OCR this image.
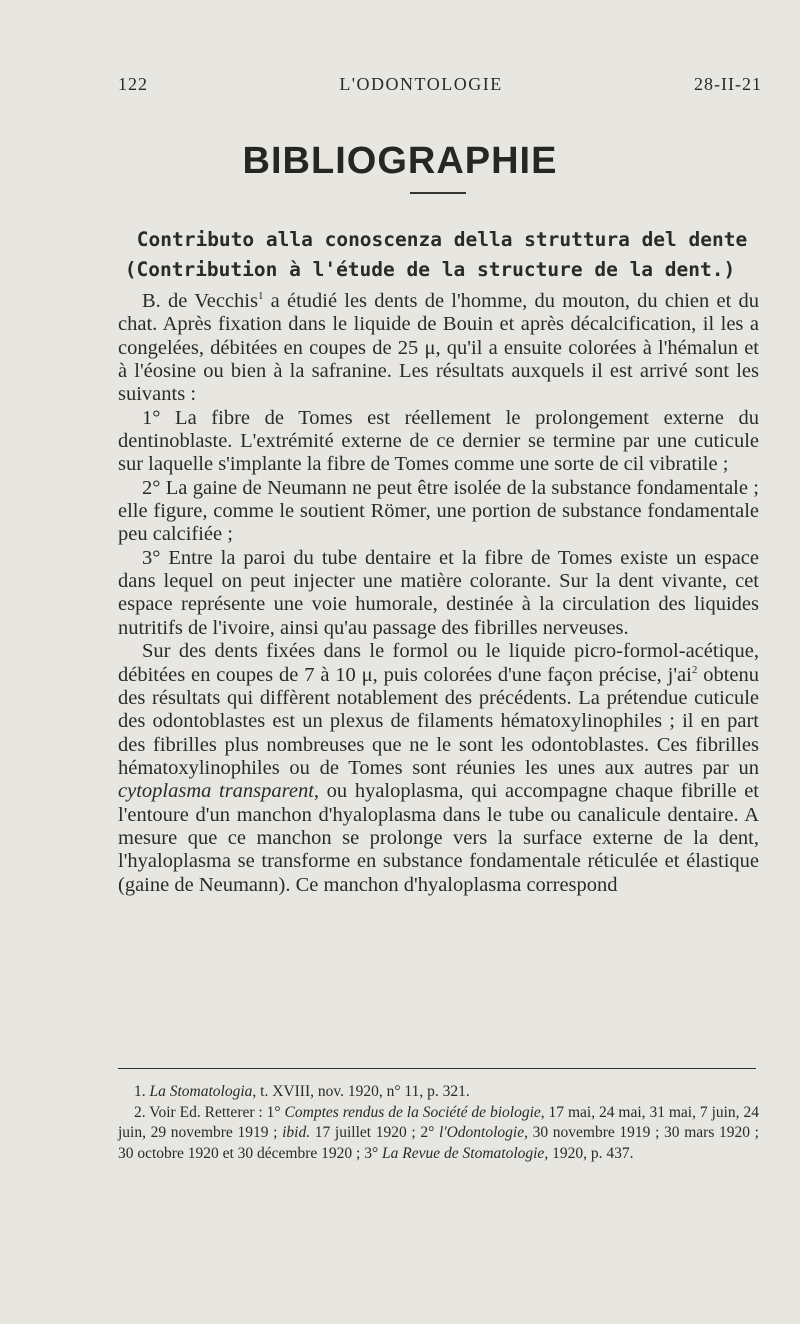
122	L'ODONTOLOGIE	28-II-21
BIBLIOGRAPHIE
Contributo alla conoscenza della struttura del dente
(Contribution à l'étude de la structure de la dent.)

B. de Vecchis$^1$ a étudié les dents de l'homme, du mouton, du chien et du chat. Après fixation dans le liquide de Bouin et après décalcification, il les a congelées, débitées en coupes de 25 μ, qu'il a ensuite colorées à l'hémalun et à l'éosine ou bien à la safranine. Les résultats auxquels il est arrivé sont les suivants :

1° La fibre de Tomes est réellement le prolongement externe du dentinoblaste. L'extrémité externe de ce dernier se termine par une cuticule sur laquelle s'implante la fibre de Tomes comme une sorte de cil vibratile ;

2° La gaine de Neumann ne peut être isolée de la substance fondamentale ; elle figure, comme le soutient Römer, une portion de substance fondamentale peu calcifiée ;

3° Entre la paroi du tube dentaire et la fibre de Tomes existe un espace dans lequel on peut injecter une matière colorante. Sur la dent vivante, cet espace représente une voie humorale, destinée à la circulation des liquides nutritifs de l'ivoire, ainsi qu'au passage des fibrilles nerveuses.

Sur des dents fixées dans le formol ou le liquide picro-formol-acétique, débitées en coupes de 7 à 10 μ, puis colorées d'une façon précise, $j'ai^2$ obtenu des résultats qui diffèrent notablement des précédents. La prétendue cuticule des odontoblastes est un plexus de filaments hématoxylinophiles ; il en part des fibrilles plus nombreuses que ne le sont les odontoblastes. Ces fibrilles hématoxylinophiles ou de Tomes sont réunies les unes aux autres par un cytoplasma transparent, ou hyaloplasma, qui accompagne chaque fibrille et l'entoure d'un manchon d'hyaloplasma dans le tube ou canalicule dentaire. A mesure que ce manchon se prolonge vers la surface externe de la dent, l'hyaloplasma se transforme en substance fondamentale réticulée et élastique (gaine de Neumann). Ce manchon d'hyaloplasma correspond

1. La Stomatologia, t. XVIII, nov. 1920, n° 11, p. 321.

2. Voir Ed. Retterer : 1° Comptes rendus de la Société de biologie, 17 mai, 24 mai, 31 mai, 7 juin, 24 juin, 29 novembre 1919 ; ibid. 17 juillet 1920 ; 2° l'Odontologie, 30 novembre 1919 ; 30 mars 1920 ; 30 octobre 1920 et 30 décembre 1920 ; 3° La Revue de Stomatologie, 1920, p. 437.
